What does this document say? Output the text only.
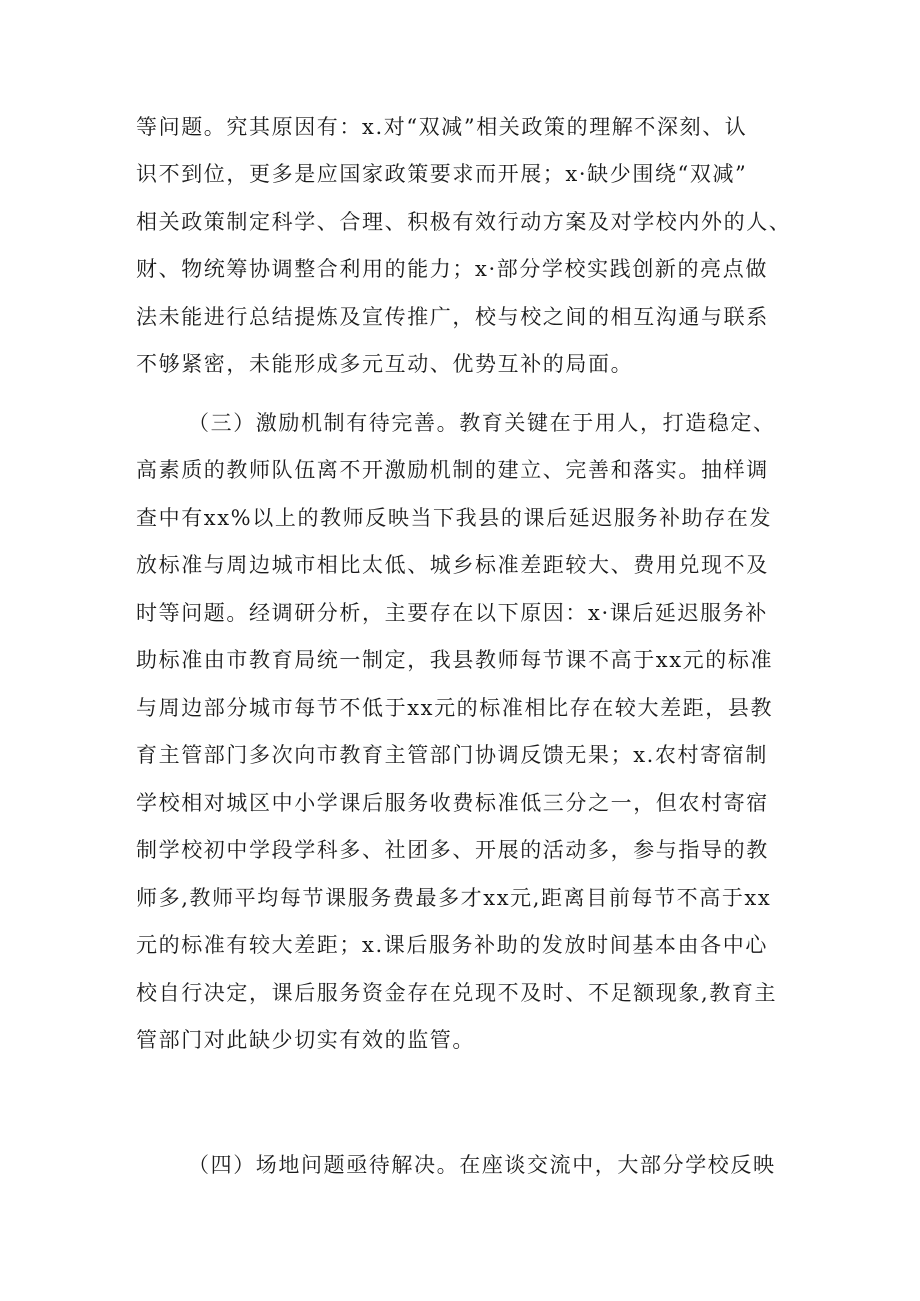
等问题。究其原因有：x.对“双减”相关政策的理解不深刻、认
识不到位，更多是应国家政策要求而开展；x·缺少围绕“双减”
相关政策制定科学、合理、积极有效行动方案及对学校内外的人、
财、物统筹协调整合利用的能力；x·部分学校实践创新的亮点做
法未能进行总结提炼及宣传推广，校与校之间的相互沟通与联系
不够紧密，未能形成多元互动、优势互补的局面。
（三）激励机制有待完善。教育关键在于用人，打造稳定、
高素质的教师队伍离不开激励机制的建立、完善和落实。抽样调
查中有xx%以上的教师反映当下我县的课后延迟服务补助存在发
放标准与周边城市相比太低、城乡标准差距较大、费用兑现不及
时等问题。经调研分析，主要存在以下原因：x·课后延迟服务补
助标准由市教育局统一制定，我县教师每节课不高于xx元的标准
与周边部分城市每节不低于xx元的标准相比存在较大差距，县教
育主管部门多次向市教育主管部门协调反馈无果；x.农村寄宿制
学校相对城区中小学课后服务收费标准低三分之一，但农村寄宿
制学校初中学段学科多、社团多、开展的活动多，参与指导的教
师多,教师平均每节课服务费最多才xx元,距离目前每节不高于xx
元的标准有较大差距；x.课后服务补助的发放时间基本由各中心
校自行决定，课后服务资金存在兑现不及时、不足额现象,教育主
管部门对此缺少切实有效的监管。
（四）场地问题亟待解决。在座谈交流中，大部分学校反映
